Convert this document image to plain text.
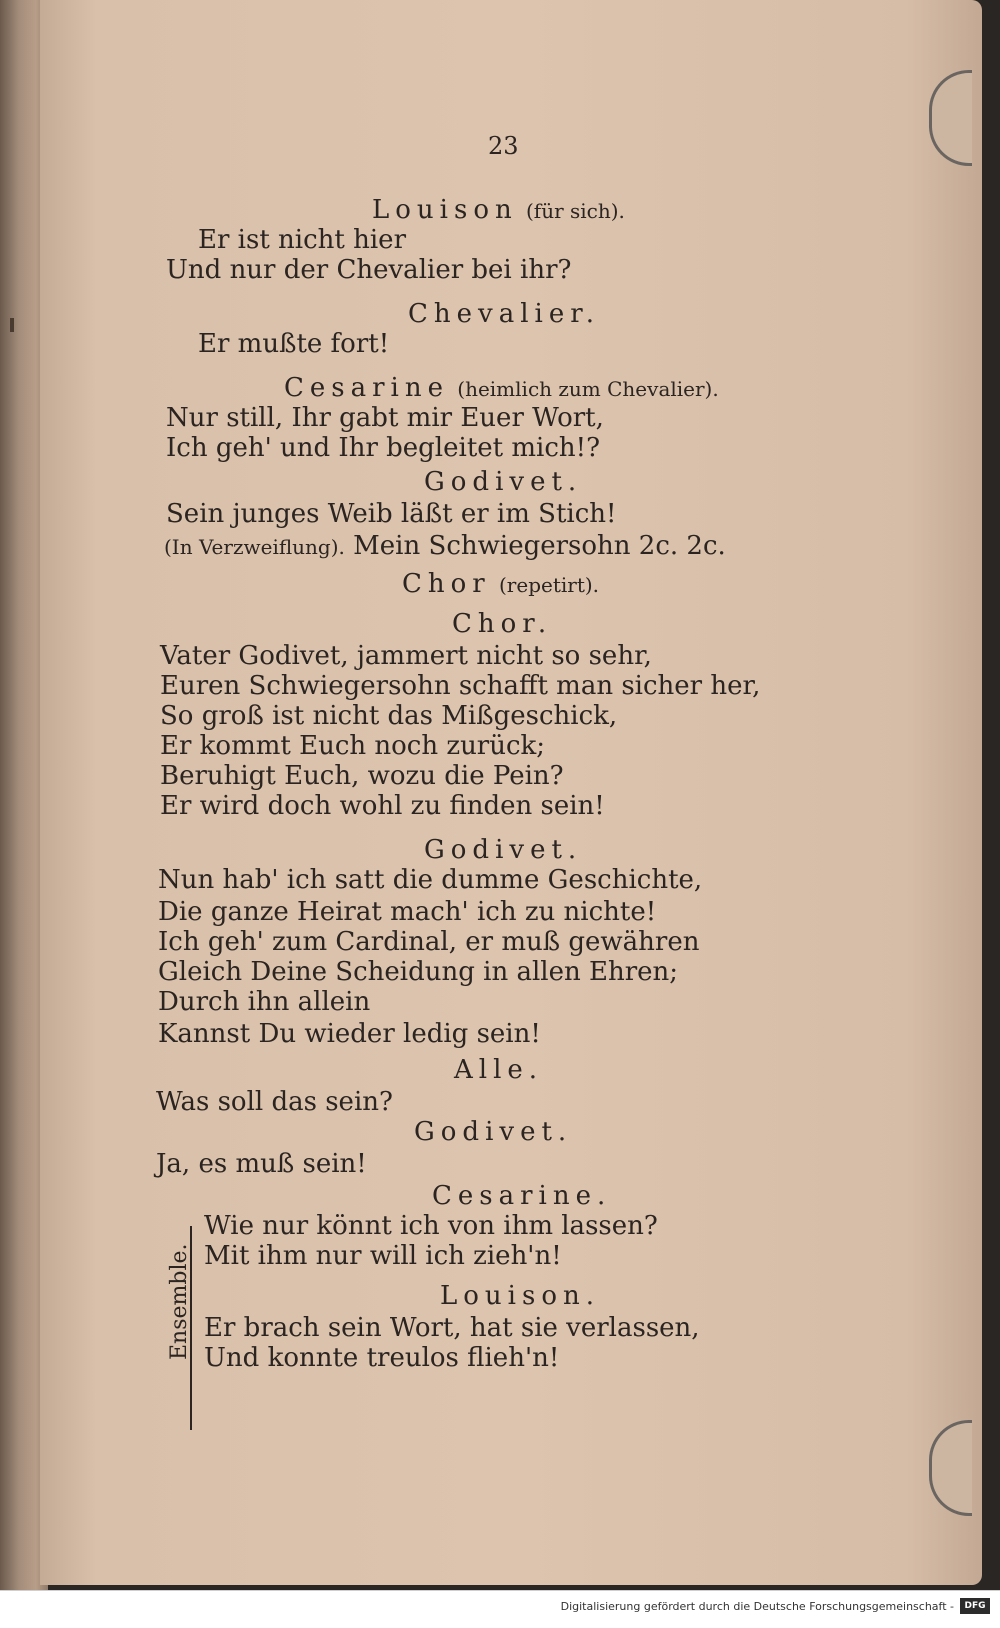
23
Louison (für sich).
Er ist nicht hier
Und nur der Chevalier bei ihr?
Chevalier.
Er mußte fort!
Cesarine (heimlich zum Chevalier).
Nur still, Ihr gabt mir Euer Wort,
Ich geh' und Ihr begleitet mich!?
Godivet.
Sein junges Weib läßt er im Stich!
(In Verzweiflung). Mein Schwiegersohn 2c. 2c.
Chor (repetirt).
Chor.
Vater Godivet, jammert nicht so sehr,
Euren Schwiegersohn schafft man sicher her,
So groß ist nicht das Mißgeschick,
Er kommt Euch noch zurück;
Beruhigt Euch, wozu die Pein?
Er wird doch wohl zu finden sein!
Godivet.
Nun hab' ich satt die dumme Geschichte,
Die ganze Heirat mach' ich zu nichte!
Ich geh' zum Cardinal, er muß gewähren
Gleich Deine Scheidung in allen Ehren;
Durch ihn allein
Kannst Du wieder ledig sein!
Alle.
Was soll das sein?
Godivet.
Ja, es muß sein!
Cesarine.
Wie nur könnt ich von ihm lassen?
Mit ihm nur will ich zieh'n!
Louison.
Er brach sein Wort, hat sie verlassen,
Und konnte treulos flieh'n!
Ensemble.
Digitalisierung gefördert durch die Deutsche Forschungsgemeinschaft -	DFG
